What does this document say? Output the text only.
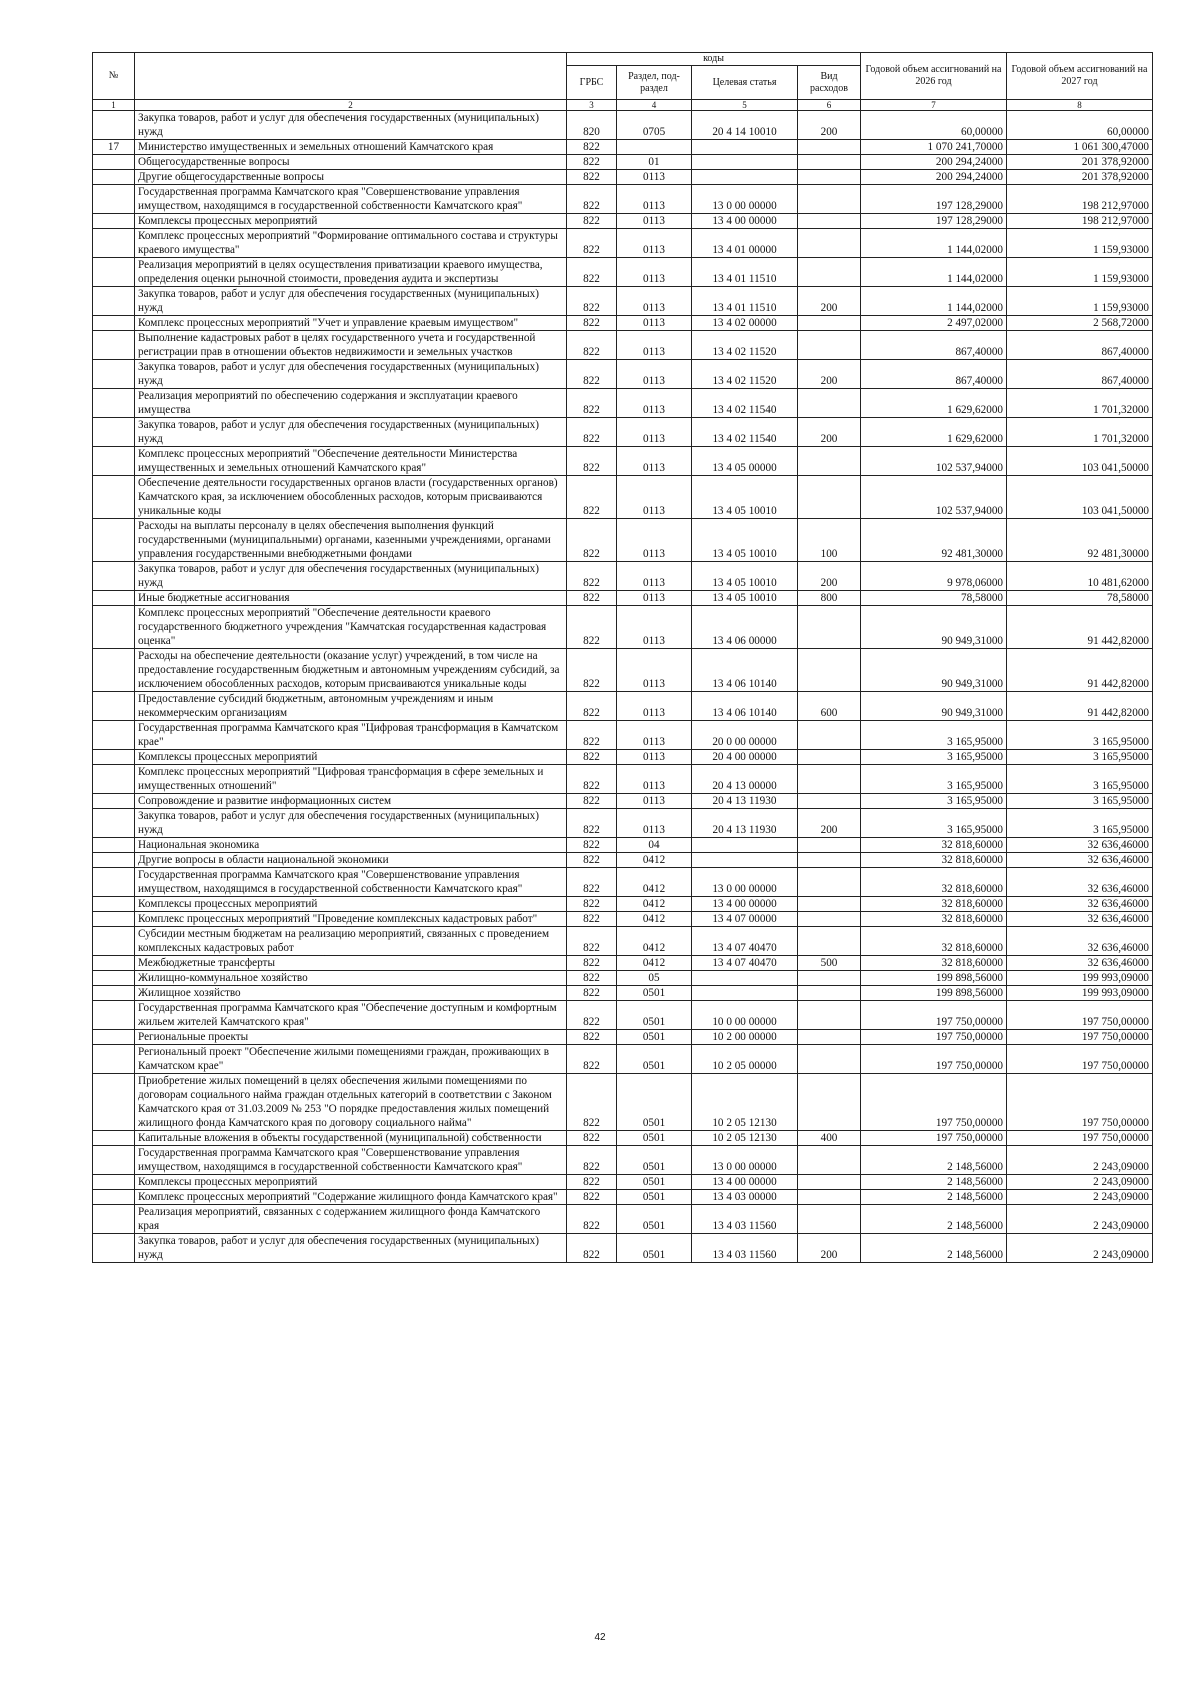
№		коды				Годовой объем ассигнований на 2026 год	Годовой объем ассигнований на 2027 год
		ГРБС	Раздел, под-раздел	Целевая статья	Вид расходов		
1	2	3	4	5	6	7	8
	Закупка товаров, работ и услуг для обеспечения государственных (муниципальных) нужд	820	0705	20 4 14 10010	200	60,00000	60,00000
17	Министерство имущественных и земельных отношений Камчатского края	822				1 070 241,70000	1 061 300,47000
	Общегосударственные вопросы	822	01			200 294,24000	201 378,92000
	Другие общегосударственные вопросы	822	0113			200 294,24000	201 378,92000
	Государственная программа Камчатского края "Совершенствование управления имуществом, находящимся в государственной собственности Камчатского края"	822	0113	13 0 00 00000		197 128,29000	198 212,97000
	Комплексы процессных мероприятий	822	0113	13 4 00 00000		197 128,29000	198 212,97000
	Комплекс процессных мероприятий "Формирование оптимального состава и структуры краевого имущества"	822	0113	13 4 01 00000		1 144,02000	1 159,93000
	Реализация мероприятий в целях осуществления приватизации краевого имущества, определения оценки рыночной стоимости, проведения аудита и экспертизы	822	0113	13 4 01 11510		1 144,02000	1 159,93000
	Закупка товаров, работ и услуг для обеспечения государственных (муниципальных) нужд	822	0113	13 4 01 11510	200	1 144,02000	1 159,93000
	Комплекс процессных мероприятий "Учет и управление краевым имуществом"	822	0113	13 4 02 00000		2 497,02000	2 568,72000
	Выполнение кадастровых работ в целях государственного учета и государственной регистрации прав в отношении объектов недвижимости и земельных участков	822	0113	13 4 02 11520		867,40000	867,40000
	Закупка товаров, работ и услуг для обеспечения государственных (муниципальных) нужд	822	0113	13 4 02 11520	200	867,40000	867,40000
	Реализация мероприятий по обеспечению содержания и эксплуатации краевого имущества	822	0113	13 4 02 11540		1 629,62000	1 701,32000
	Закупка товаров, работ и услуг для обеспечения государственных (муниципальных) нужд	822	0113	13 4 02 11540	200	1 629,62000	1 701,32000
	Комплекс процессных мероприятий "Обеспечение деятельности Министерства имущественных и земельных отношений Камчатского края"	822	0113	13 4 05 00000		102 537,94000	103 041,50000
	Обеспечение деятельности государственных органов власти (государственных органов) Камчатского края, за исключением обособленных расходов, которым присваиваются уникальные коды	822	0113	13 4 05 10010		102 537,94000	103 041,50000
	Расходы на выплаты персоналу в целях обеспечения выполнения функций государственными (муниципальными) органами, казенными учреждениями, органами управления государственными внебюджетными фондами	822	0113	13 4 05 10010	100	92 481,30000	92 481,30000
	Закупка товаров, работ и услуг для обеспечения государственных (муниципальных) нужд	822	0113	13 4 05 10010	200	9 978,06000	10 481,62000
	Иные бюджетные ассигнования	822	0113	13 4 05 10010	800	78,58000	78,58000
	Комплекс процессных мероприятий "Обеспечение деятельности краевого государственного бюджетного учреждения "Камчатская государственная кадастровая оценка"	822	0113	13 4 06 00000		90 949,31000	91 442,82000
	Расходы на обеспечение деятельности (оказание услуг) учреждений, в том числе на предоставление государственным бюджетным и автономным учреждениям субсидий, за исключением обособленных расходов, которым присваиваются уникальные коды	822	0113	13 4 06 10140		90 949,31000	91 442,82000
	Предоставление субсидий бюджетным, автономным учреждениям и иным некоммерческим организациям	822	0113	13 4 06 10140	600	90 949,31000	91 442,82000
	Государственная программа Камчатского края "Цифровая трансформация в Камчатском крае"	822	0113	20 0 00 00000		3 165,95000	3 165,95000
	Комплексы процессных мероприятий	822	0113	20 4 00 00000		3 165,95000	3 165,95000
	Комплекс процессных мероприятий "Цифровая трансформация в сфере земельных и имущественных отношений"	822	0113	20 4 13 00000		3 165,95000	3 165,95000
	Сопровождение и развитие информационных систем	822	0113	20 4 13 11930		3 165,95000	3 165,95000
	Закупка товаров, работ и услуг для обеспечения государственных (муниципальных) нужд	822	0113	20 4 13 11930	200	3 165,95000	3 165,95000
	Национальная экономика	822	04			32 818,60000	32 636,46000
	Другие вопросы в области национальной экономики	822	0412			32 818,60000	32 636,46000
	Государственная программа Камчатского края "Совершенствование управления имуществом, находящимся в государственной собственности Камчатского края"	822	0412	13 0 00 00000		32 818,60000	32 636,46000
	Комплексы процессных мероприятий	822	0412	13 4 00 00000		32 818,60000	32 636,46000
	Комплекс процессных мероприятий "Проведение комплексных кадастровых работ"	822	0412	13 4 07 00000		32 818,60000	32 636,46000
	Субсидии местным бюджетам на реализацию мероприятий, связанных с проведением комплексных кадастровых работ	822	0412	13 4 07 40470		32 818,60000	32 636,46000
	Межбюджетные трансферты	822	0412	13 4 07 40470	500	32 818,60000	32 636,46000
	Жилищно-коммунальное хозяйство	822	05			199 898,56000	199 993,09000
	Жилищное хозяйство	822	0501			199 898,56000	199 993,09000
	Государственная программа Камчатского края "Обеспечение доступным и комфортным жильем жителей Камчатского края"	822	0501	10 0 00 00000		197 750,00000	197 750,00000
	Региональные проекты	822	0501	10 2 00 00000		197 750,00000	197 750,00000
	Региональный проект "Обеспечение жилыми помещениями граждан, проживающих в Камчатском крае"	822	0501	10 2 05 00000		197 750,00000	197 750,00000
	Приобретение жилых помещений в целях обеспечения жилыми помещениями по договорам социального найма граждан отдельных категорий в соответствии с Законом Камчатского края от 31.03.2009 № 253 "О порядке предоставления жилых помещений жилищного фонда Камчатского края по договору социального найма"	822	0501	10 2 05 12130		197 750,00000	197 750,00000
	Капитальные вложения в объекты государственной (муниципальной) собственности	822	0501	10 2 05 12130	400	197 750,00000	197 750,00000
	Государственная программа Камчатского края "Совершенствование управления имуществом, находящимся в государственной собственности Камчатского края"	822	0501	13 0 00 00000		2 148,56000	2 243,09000
	Комплексы процессных мероприятий	822	0501	13 4 00 00000		2 148,56000	2 243,09000
	Комплекс процессных мероприятий "Содержание жилищного фонда Камчатского края"	822	0501	13 4 03 00000		2 148,56000	2 243,09000
	Реализация мероприятий, связанных с содержанием жилищного фонда Камчатского края	822	0501	13 4 03 11560		2 148,56000	2 243,09000
	Закупка товаров, работ и услуг для обеспечения государственных (муниципальных) нужд	822	0501	13 4 03 11560	200	2 148,56000	2 243,09000
42
